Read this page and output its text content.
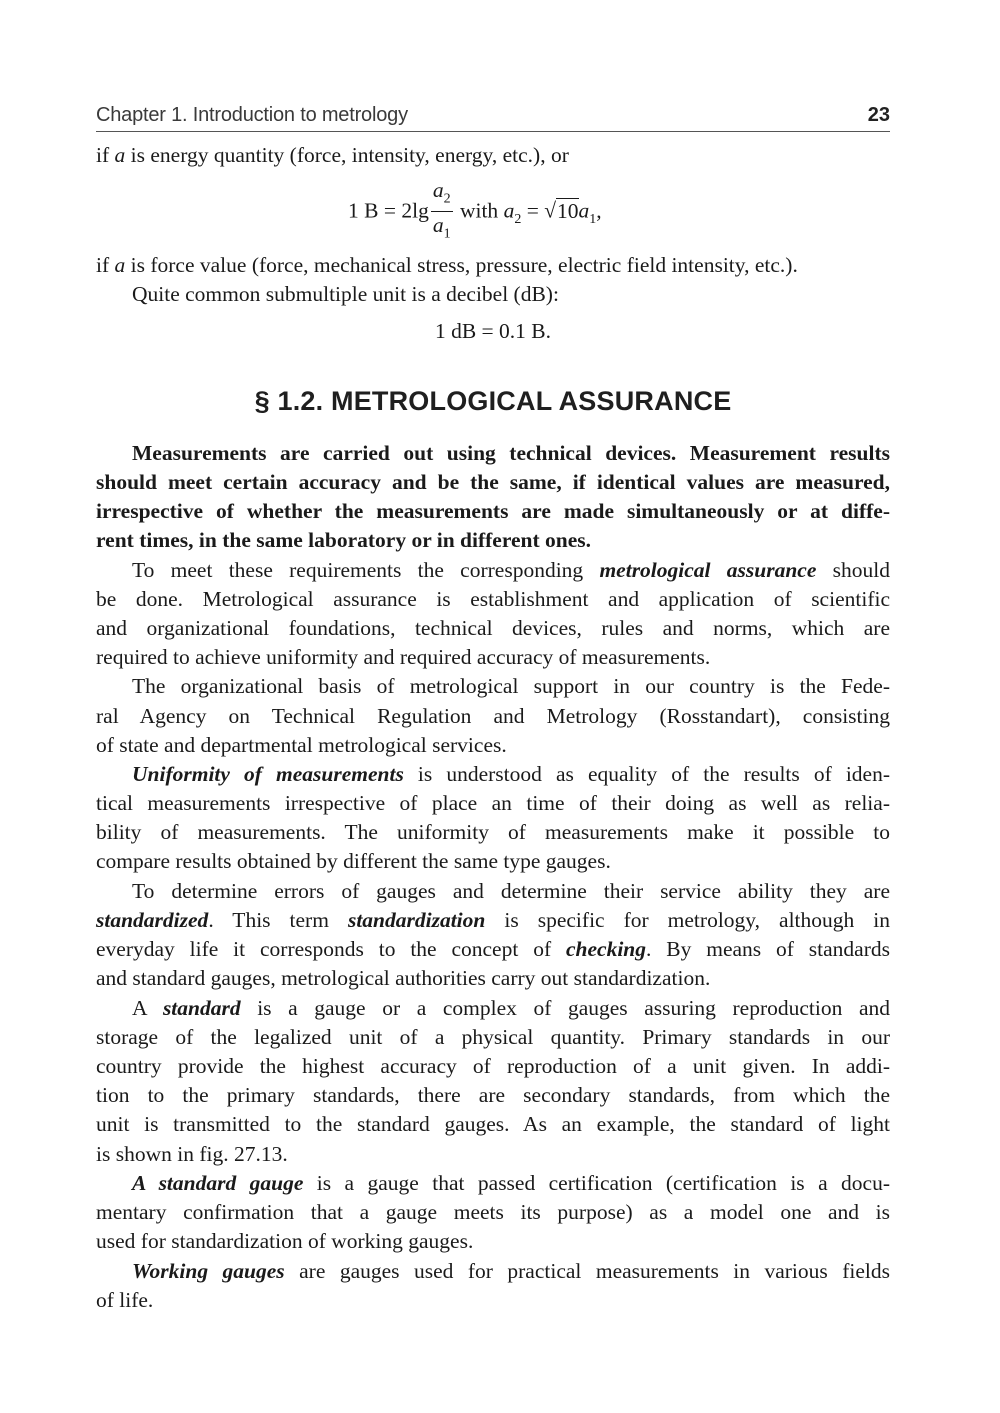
Chapter 1. Introduction to metrology	23
if a is energy quantity (force, intensity, energy, etc.), or
1 $B = 2\lg \frac{a_2}{a_1}$ with $a_2 = √10a_1$,
if a is force value (force, mechanical stress, pressure, electric field intensity, etc.).
Quite common submultiple unit is a decibel (dB):
1 dB = 0.1 B.
§ 1.2. METROLOGICAL ASSURANCE
Measurements are carried out using technical devices. Measurement results
should meet certain accuracy and be the same, if identical values are measured,
irrespective of whether the measurements are made simultaneously or at diffe-
rent times, in the same laboratory or in different ones.
To meet these requirements the corresponding metrological assurance should
be done. Metrological assurance is establishment and application of scientific
and organizational foundations, technical devices, rules and norms, which are
required to achieve uniformity and required accuracy of measurements.
The organizational basis of metrological support in our country is the Fede-
ral Agency on Technical Regulation and Metrology (Rosstandart), consisting
of state and departmental metrological services.
Uniformity of measurements is understood as equality of the results of iden-
tical measurements irrespective of place an time of their doing as well as relia-
bility of measurements. The uniformity of measurements make it possible to
compare results obtained by different the same type gauges.
To determine errors of gauges and determine their service ability they are
standardized. This term standardization is specific for metrology, although in
everyday life it corresponds to the concept of checking. By means of standards
and standard gauges, metrological authorities carry out standardization.
A standard is a gauge or a complex of gauges assuring reproduction and
storage of the legalized unit of a physical quantity. Primary standards in our
country provide the highest accuracy of reproduction of a unit given. In addi-
tion to the primary standards, there are secondary standards, from which the
unit is transmitted to the standard gauges. As an example, the standard of light
is shown in fig. 27.13.
A standard gauge is a gauge that passed certification (certification is a docu-
mentary confirmation that a gauge meets its purpose) as a model one and is
used for standardization of working gauges.
Working gauges are gauges used for practical measurements in various fields
of life.
